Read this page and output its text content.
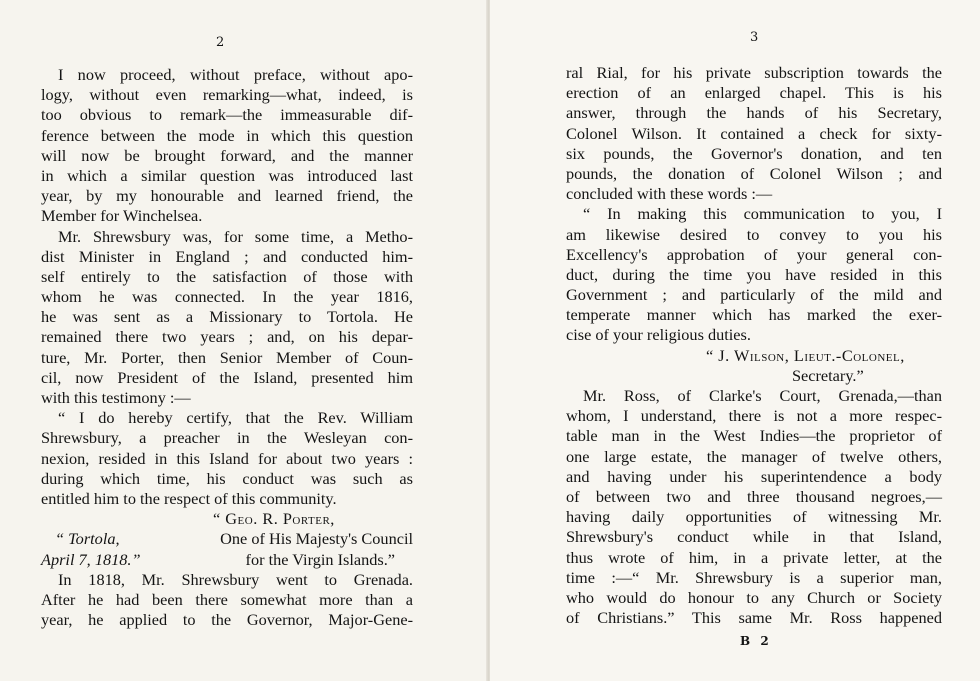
2
I now proceed, without preface, without apo-
logy, without even remarking—what, indeed, is
too obvious to remark—the immeasurable dif-
ference between the mode in which this question
will now be brought forward, and the manner
in which a similar question was introduced last
year, by my honourable and learned friend, the
Member for Winchelsea.
Mr. Shrewsbury was, for some time, a Metho-
dist Minister in England ; and conducted him-
self entirely to the satisfaction of those with
whom he was connected. In the year 1816,
he was sent as a Missionary to Tortola. He
remained there two years ; and, on his depar-
ture, Mr. Porter, then Senior Member of Coun-
cil, now President of the Island, presented him
with this testimony :—
“ I do hereby certify, that the Rev. William
Shrewsbury, a preacher in the Wesleyan con-
nexion, resided in this Island for about two years :
during which time, his conduct was such as
entitled him to the respect of this community.
“ Geo. R. Porter,
“ Tortola,	One of His Majesty's Council
April 7, 1818.”	for the Virgin Islands.”
In 1818, Mr. Shrewsbury went to Grenada.
After he had been there somewhat more than a
year, he applied to the Governor, Major-Gene-
3
ral Rial, for his private subscription towards the
erection of an enlarged chapel. This is his
answer, through the hands of his Secretary,
Colonel Wilson. It contained a check for sixty-
six pounds, the Governor's donation, and ten
pounds, the donation of Colonel Wilson ; and
concluded with these words :—
“ In making this communication to you, I
am likewise desired to convey to you his
Excellency's approbation of your general con-
duct, during the time you have resided in this
Government ; and particularly of the mild and
temperate manner which has marked the exer-
cise of your religious duties.
“ J. Wilson, Lieut.-Colonel,
Secretary.”
Mr. Ross, of Clarke's Court, Grenada,—than
whom, I understand, there is not a more respec-
table man in the West Indies—the proprietor of
one large estate, the manager of twelve others,
and having under his superintendence a body
of between two and three thousand negroes,—
having daily opportunities of witnessing Mr.
Shrewsbury's conduct while in that Island,
thus wrote of him, in a private letter, at the
time :—“ Mr. Shrewsbury is a superior man,
who would do honour to any Church or Society
of Christians.” This same Mr. Ross happened
B 2
